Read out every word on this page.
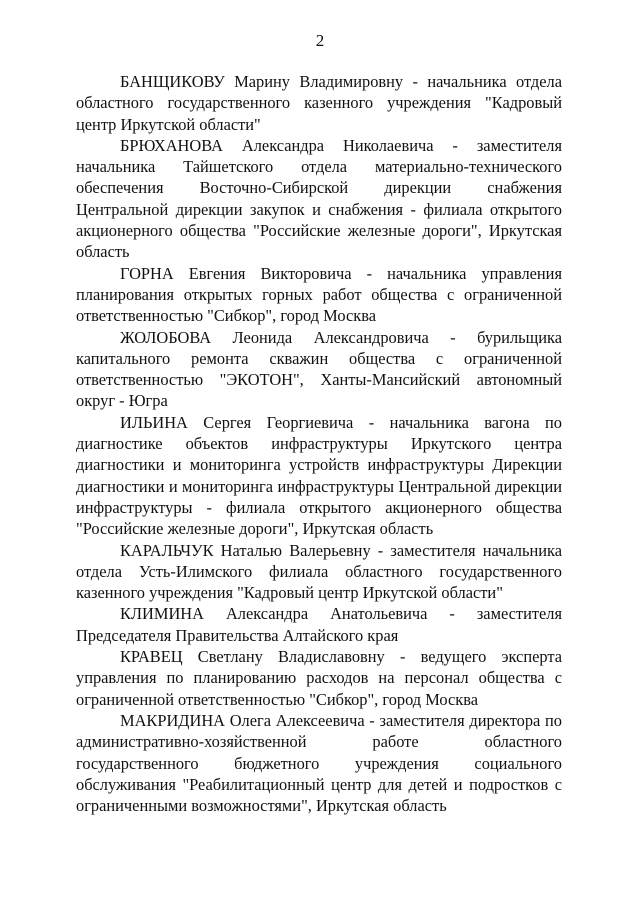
2

БАНЩИКОВУ Марину Владимировну - начальника отдела областного государственного казенного учреждения "Кадровый центр Иркутской области"

БРЮХАНОВА Александра Николаевича - заместителя начальника Тайшетского отдела материально-технического обеспечения Восточно-Сибирской дирекции снабжения Центральной дирекции закупок и снабжения - филиала открытого акционерного общества "Российские железные дороги", Иркутская область

ГОРНА Евгения Викторовича - начальника управления планирования открытых горных работ общества с ограниченной ответственностью "Сибкор", город Москва

ЖОЛОБОВА Леонида Александровича - бурильщика капитального ремонта скважин общества с ограниченной ответственностью "ЭКОТОН", Ханты-Мансийский автономный округ - Югра

ИЛЬИНА Сергея Георгиевича - начальника вагона по диагностике объектов инфраструктуры Иркутского центра диагностики и мониторинга устройств инфраструктуры Дирекции диагностики и мониторинга инфраструктуры Центральной дирекции инфраструктуры - филиала открытого акционерного общества "Российские железные дороги", Иркутская область

КАРАЛЬЧУК Наталью Валерьевну - заместителя начальника отдела Усть-Илимского филиала областного государственного казенного учреждения "Кадровый центр Иркутской области"

КЛИМИНА Александра Анатольевича - заместителя Председателя Правительства Алтайского края

КРАВЕЦ Светлану Владиславовну - ведущего эксперта управления по планированию расходов на персонал общества с ограниченной ответственностью "Сибкор", город Москва

МАКРИДИНА Олега Алексеевича - заместителя директора по административно-хозяйственной работе областного государственного бюджетного учреждения социального обслуживания "Реабилитационный центр для детей и подростков с ограниченными возможностями", Иркутская область
